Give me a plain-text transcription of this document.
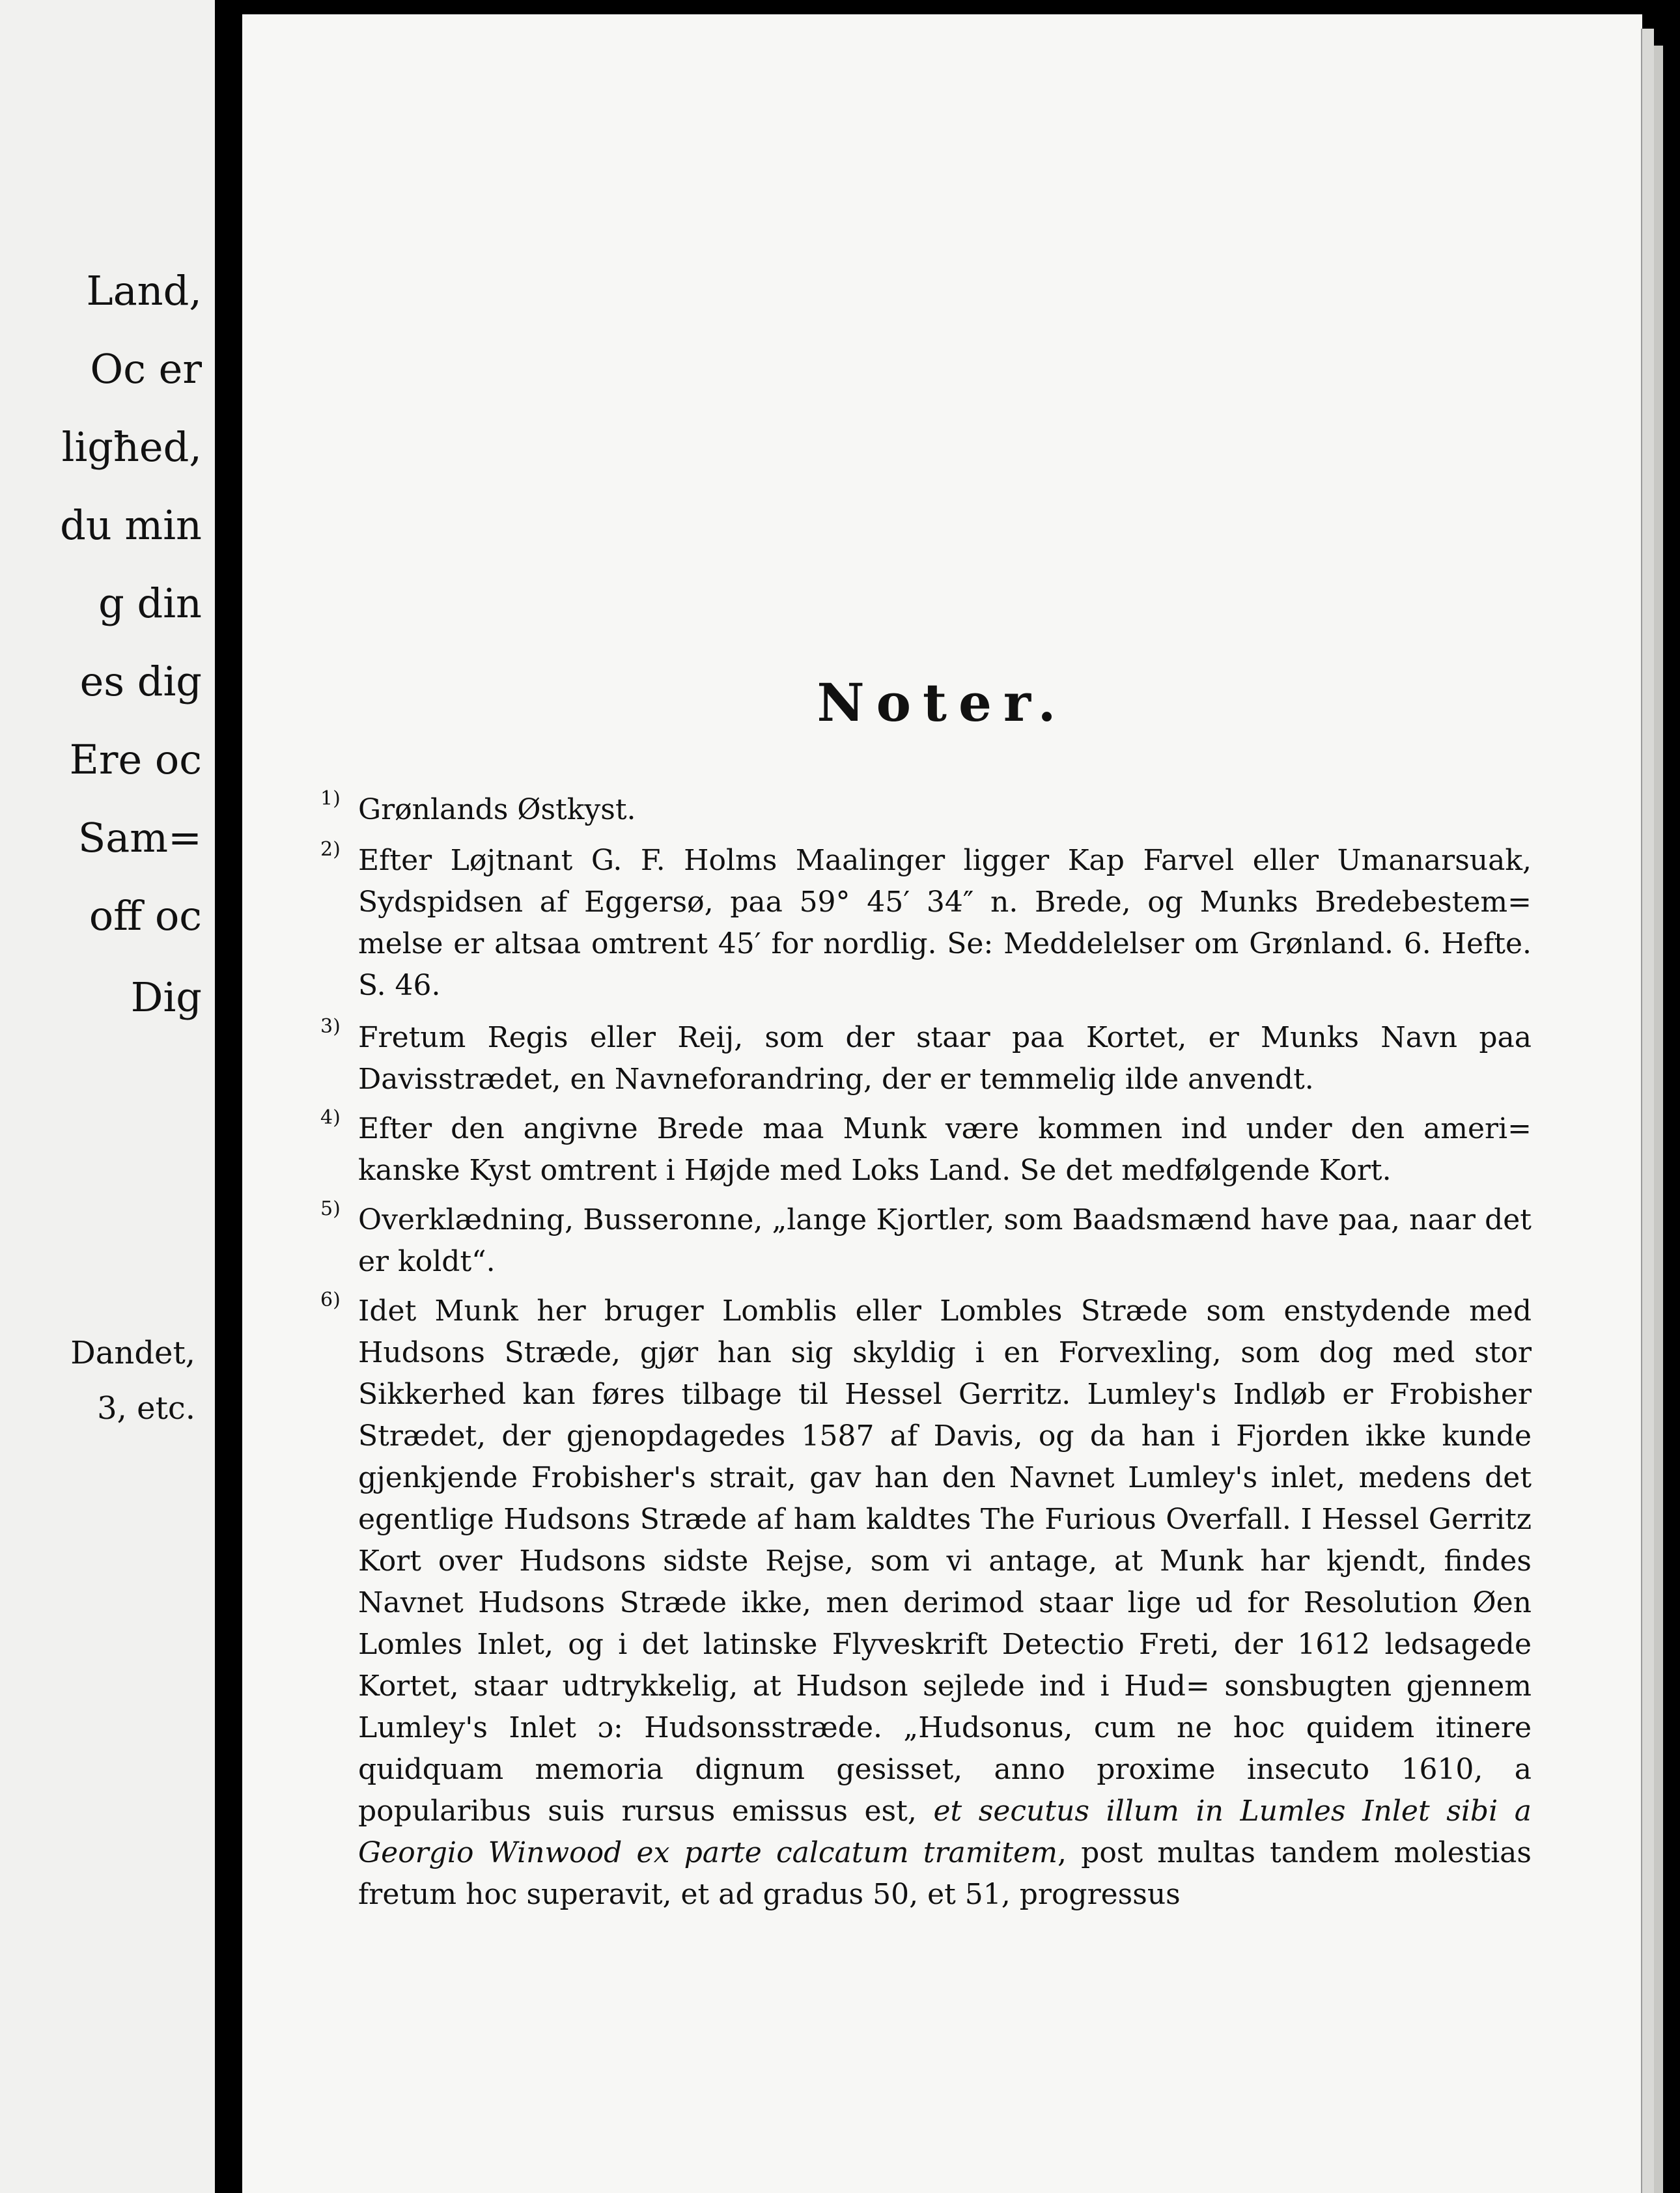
Land,
Oc er
ligħed,
du min
g din
es dig
Ere oc
Sam=
off oc
Dig
Dandet,
3, etc.
Noter.
1) Grønlands Østkyst.
2) Efter Løjtnant G. F. Holms Maalinger ligger Kap Farvel eller Umanarsuak, Sydspidsen af Eggersø, paa 59° 45′ 34″ n. Brede, og Munks Bredebestem= melse er altsaa omtrent 45′ for nordlig. Se: Meddelelser om Grønland. 6. Hefte. S. 46.
3) Fretum Regis eller Reij, som der staar paa Kortet, er Munks Navn paa Davisstrædet, en Navneforandring, der er temmelig ilde anvendt.
4) Efter den angivne Brede maa Munk være kommen ind under den ameri= kanske Kyst omtrent i Højde med Loks Land. Se det medfølgende Kort.
5) Overklædning, Busseronne, „lange Kjortler, som Baadsmænd have paa, naar det er koldt“.
6) Idet Munk her bruger Lomblis eller Lombles Stræde som enstydende med Hudsons Stræde, gjør han sig skyldig i en Forvexling, som dog med stor Sikkerhed kan føres tilbage til Hessel Gerritz. Lumley's Indløb er Frobisher Strædet, der gjenopdagedes 1587 af Davis, og da han i Fjorden ikke kunde gjenkjende Frobisher's strait, gav han den Navnet Lumley's inlet, medens det egentlige Hudsons Stræde af ham kaldtes The Furious Overfall. I Hessel Gerritz Kort over Hudsons sidste Rejse, som vi antage, at Munk har kjendt, findes Navnet Hudsons Stræde ikke, men derimod staar lige ud for Resolution Øen Lomles Inlet, og i det latinske Flyveskrift Detectio Freti, der 1612 ledsagede Kortet, staar udtrykkelig, at Hudson sejlede ind i Hud= sonsbugten gjennem Lumley's Inlet ɔ: Hudsonsstræde. „Hudsonus, cum ne hoc quidem itinere quidquam memoria dignum gesisset, anno proxime insecuto 1610, a popularibus suis rursus emissus est, et secutus illum in Lumles Inlet sibi a Georgio Winwood ex parte calcatum tramitem, post multas tandem molestias fretum hoc superavit, et ad gradus 50, et 51, progressus
